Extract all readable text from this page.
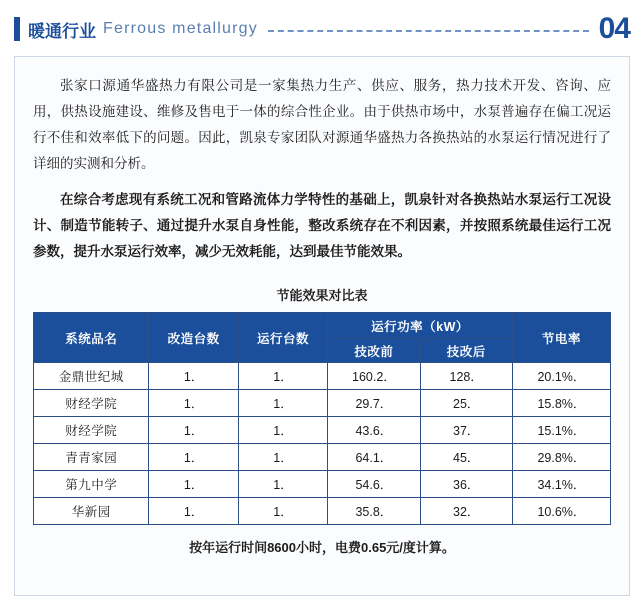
暖通行业 Ferrous metallurgy	04

张家口源通华盛热力有限公司是一家集热力生产、供应、服务，热力技术开发、咨询、应用，供热设施建设、维修及售电于一体的综合性企业。由于供热市场中，水泵普遍存在偏工况运行不佳和效率低下的问题。因此，凯泉专家团队对源通华盛热力各换热站的水泵运行情况进行了详细的实测和分析。

在综合考虑现有系统工况和管路流体力学特性的基础上，凯泉针对各换热站水泵运行工况设计、制造节能转子、通过提升水泵自身性能，整改系统存在不利因素，并按照系统最佳运行工况参数，提升水泵运行效率，减少无效耗能，达到最佳节能效果。

节能效果对比表
系统品名	改造台数	运行台数	运行功率（kW）		节电率
			技改前	技改后	
金鼎世纪城	1．	1．	160.2．	128．	20.1%．
财经学院	1．	1．	29.7．	25．	15.8%．
财经学院	1．	1．	43.6．	37．	15.1%．
青青家园	1．	1．	64.1．	45．	29.8%．
第九中学	1．	1．	54.6．	36．	34.1%．
华新园	1．	1．	35.8．	32．	10.6%．
按年运行时间8600小时，电费0.65元/度计算。
